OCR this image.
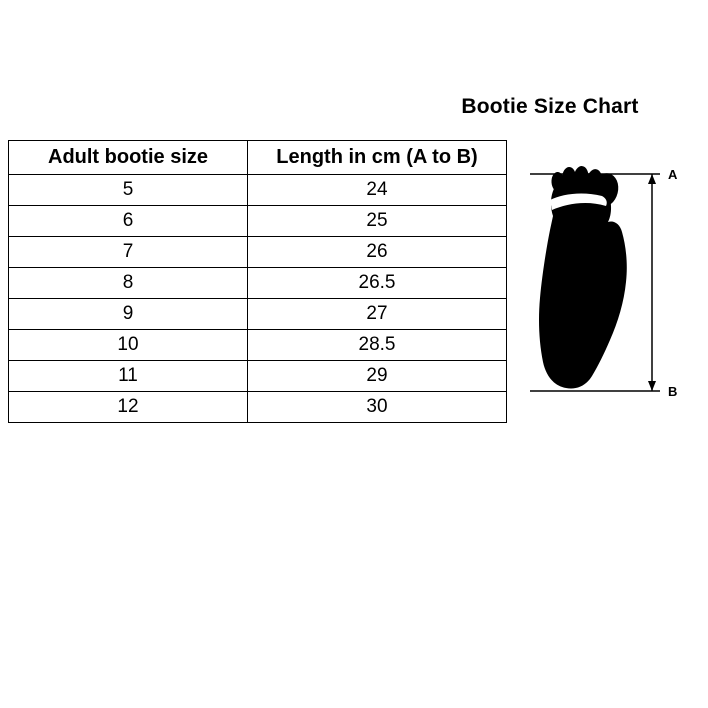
Bootie Size Chart
Adult bootie size	Length in cm (A to B)
5	24
6	25
7	26
8	26.5
9	27
10	28.5
11	29
12	30
A
B
